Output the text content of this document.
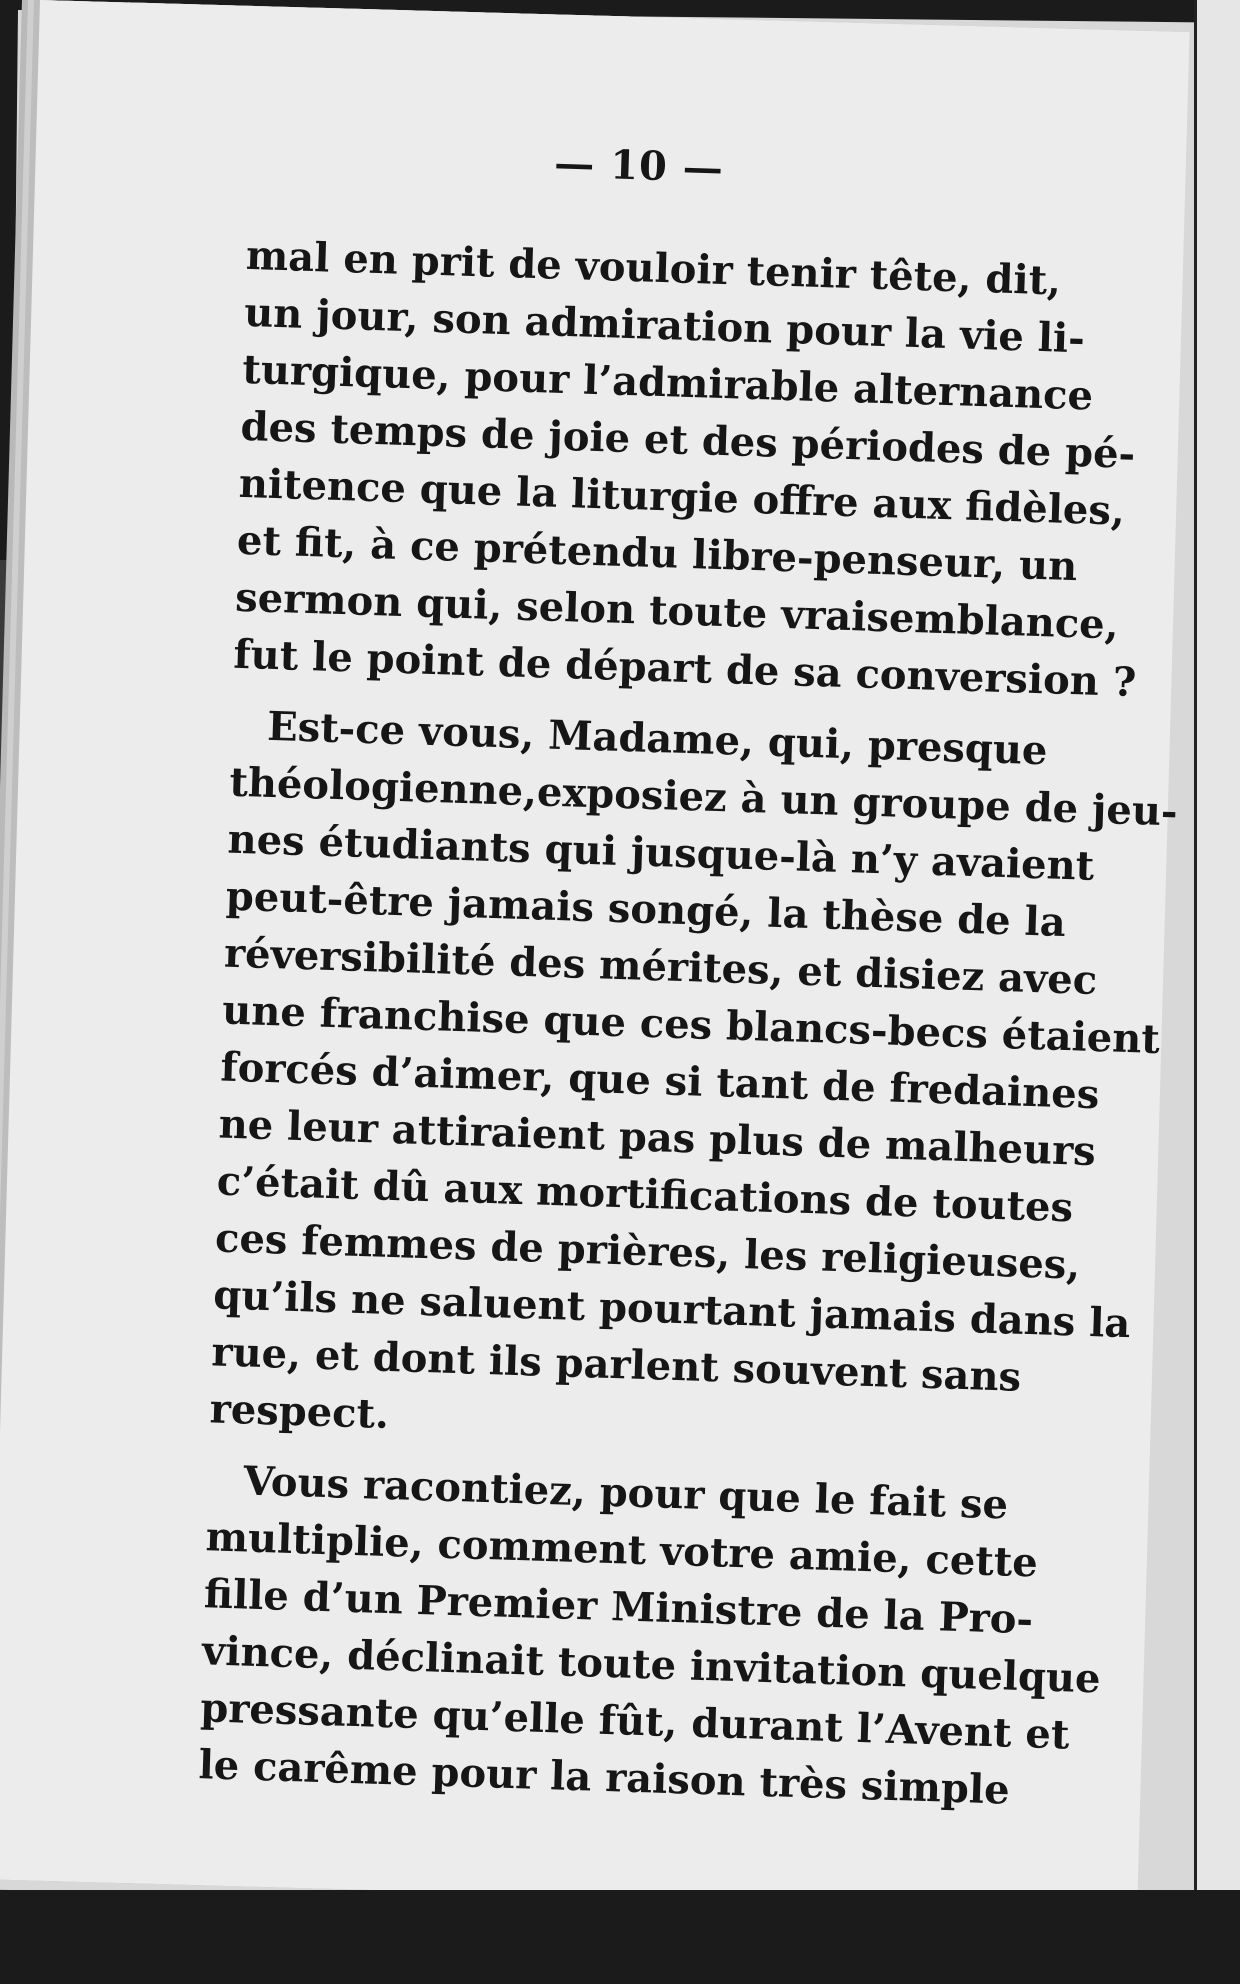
— 10 —

mal en prit de vouloir tenir tête, dit,
un jour, son admiration pour la vie li-
turgique, pour l’admirable alternance
des temps de joie et des périodes de pé-
nitence que la liturgie offre aux fidèles,
et fit, à ce prétendu libre-penseur, un
sermon qui, selon toute vraisemblance,
fut le point de départ de sa conversion ?

Est-ce vous, Madame, qui, presque
théologienne,exposiez à un groupe de jeu-
nes étudiants qui jusque-là n’y avaient
peut-être jamais songé, la thèse de la
réversibilité des mérites, et disiez avec
une franchise que ces blancs-becs étaient
forcés d’aimer, que si tant de fredaines
ne leur attiraient pas plus de malheurs
c’était dû aux mortifications de toutes
ces femmes de prières, les religieuses,
qu’ils ne saluent pourtant jamais dans la
rue, et dont ils parlent souvent sans
respect.

Vous racontiez, pour que le fait se
multiplie, comment votre amie, cette
fille d’un Premier Ministre de la Pro-
vince, déclinait toute invitation quelque
pressante qu’elle fût, durant l’Avent et
le carême pour la raison très simple
